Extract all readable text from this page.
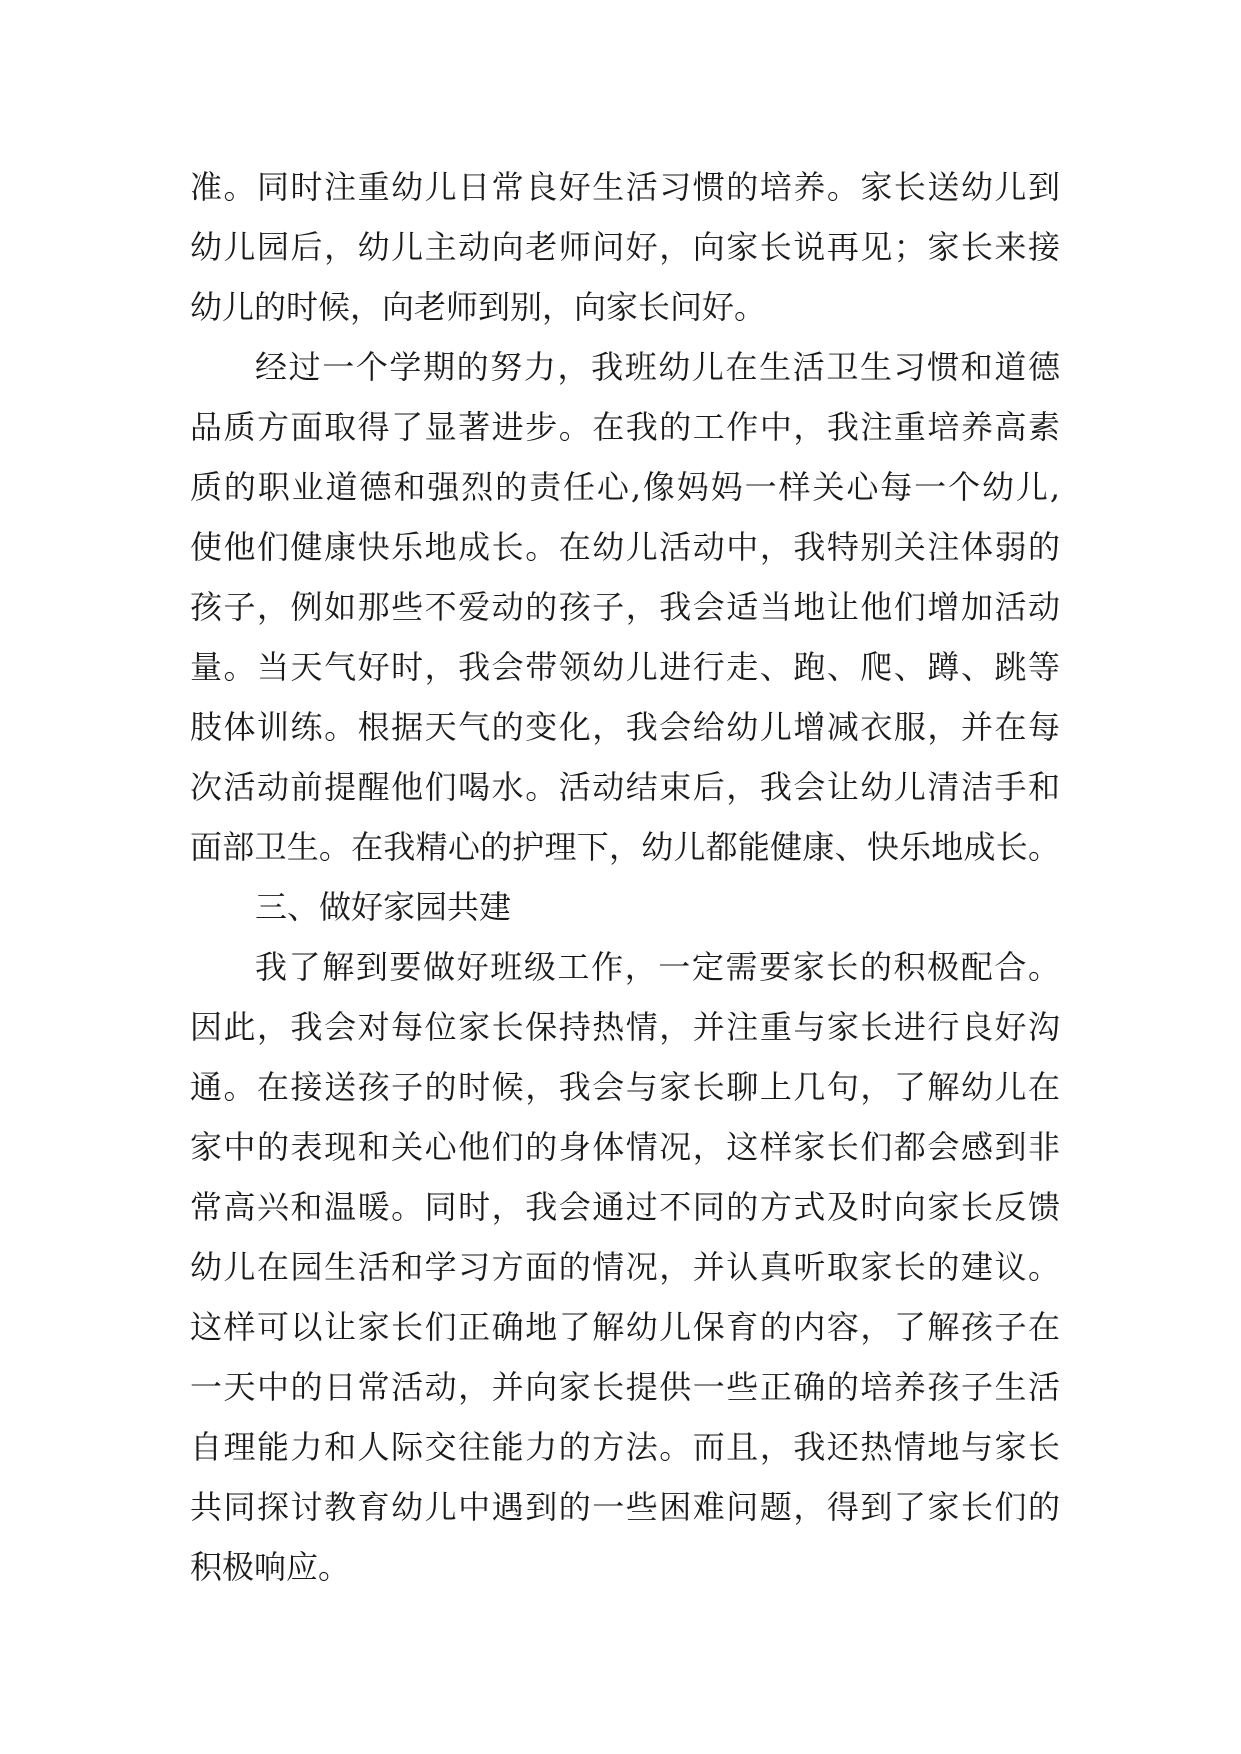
准。同时注重幼儿日常良好生活习惯的培养。家长送幼儿到
幼儿园后，幼儿主动向老师问好，向家长说再见；家长来接
幼儿的时候，向老师到别，向家长问好。
经过一个学期的努力，我班幼儿在生活卫生习惯和道德
品质方面取得了显著进步。在我的工作中，我注重培养高素
质的职业道德和强烈的责任心,像妈妈一样关心每一个幼儿,
使他们健康快乐地成长。在幼儿活动中，我特别关注体弱的
孩子，例如那些不爱动的孩子，我会适当地让他们增加活动
量。当天气好时，我会带领幼儿进行走、跑、爬、蹲、跳等
肢体训练。根据天气的变化，我会给幼儿增减衣服，并在每
次活动前提醒他们喝水。活动结束后，我会让幼儿清洁手和
面部卫生。在我精心的护理下，幼儿都能健康、快乐地成长。
三、做好家园共建
我了解到要做好班级工作，一定需要家长的积极配合。
因此，我会对每位家长保持热情，并注重与家长进行良好沟
通。在接送孩子的时候，我会与家长聊上几句，了解幼儿在
家中的表现和关心他们的身体情况，这样家长们都会感到非
常高兴和温暖。同时，我会通过不同的方式及时向家长反馈
幼儿在园生活和学习方面的情况，并认真听取家长的建议。
这样可以让家长们正确地了解幼儿保育的内容，了解孩子在
一天中的日常活动，并向家长提供一些正确的培养孩子生活
自理能力和人际交往能力的方法。而且，我还热情地与家长
共同探讨教育幼儿中遇到的一些困难问题，得到了家长们的
积极响应。
